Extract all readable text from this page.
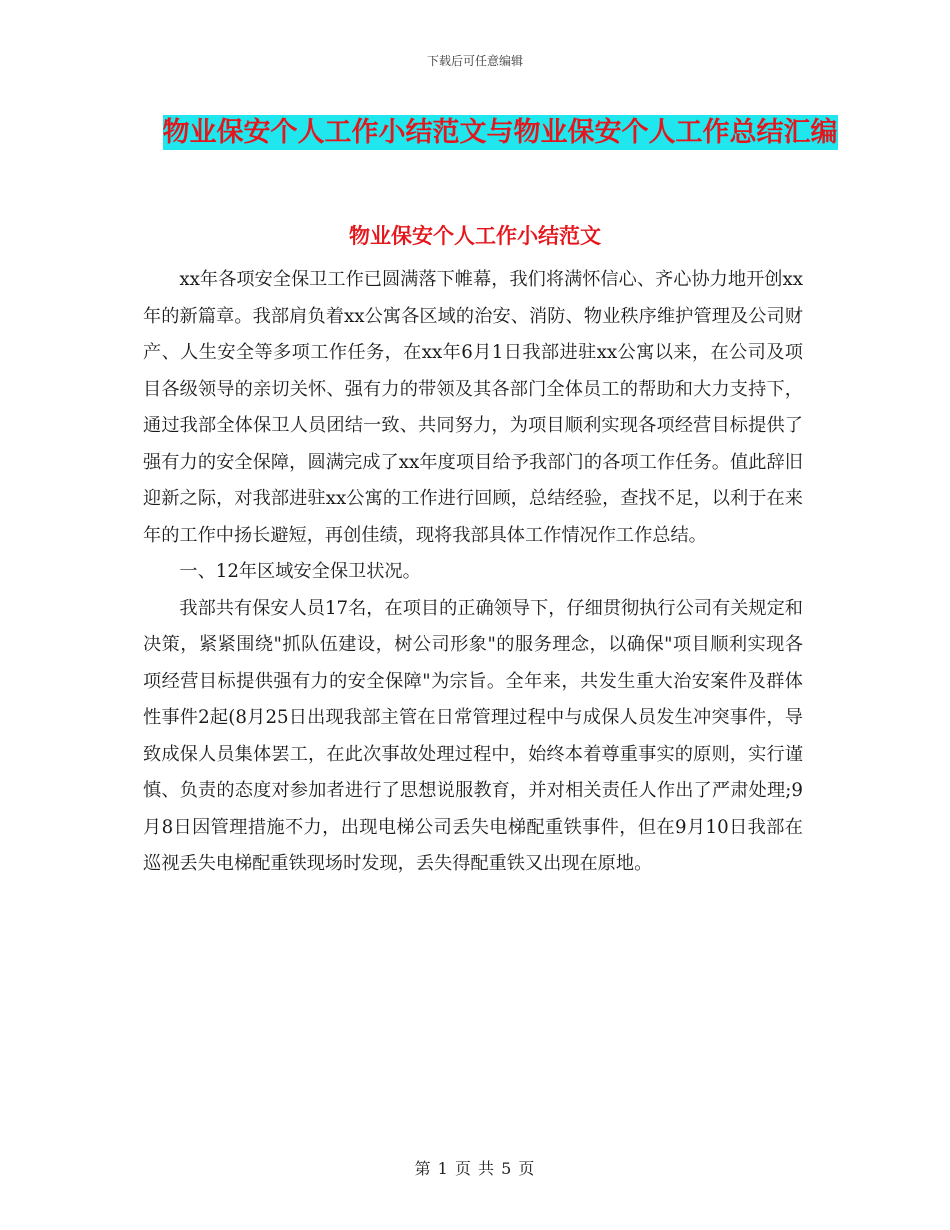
下载后可任意编辑
物业保安个人工作小结范文与物业保安个人工作总结汇编
物业保安个人工作小结范文

xx年各项安全保卫工作已圆满落下帷幕，我们将满怀信心、齐心协力地开创xx年的新篇章。我部肩负着xx公寓各区域的治安、消防、物业秩序维护管理及公司财产、人生安全等多项工作任务，在xx年6月1日我部进驻xx公寓以来，在公司及项目各级领导的亲切关怀、强有力的带领及其各部门全体员工的帮助和大力支持下，通过我部全体保卫人员团结一致、共同努力，为项目顺利实现各项经营目标提供了强有力的安全保障，圆满完成了xx年度项目给予我部门的各项工作任务。值此辞旧迎新之际，对我部进驻xx公寓的工作进行回顾，总结经验，查找不足，以利于在来年的工作中扬长避短，再创佳绩，现将我部具体工作情况作工作总结。

一、12年区域安全保卫状况。

我部共有保安人员17名，在项目的正确领导下，仔细贯彻执行公司有关规定和决策，紧紧围绕"抓队伍建设，树公司形象"的服务理念，以确保"项目顺利实现各项经营目标提供强有力的安全保障"为宗旨。全年来，共发生重大治安案件及群体性事件2起(8月25日出现我部主管在日常管理过程中与成保人员发生冲突事件，导致成保人员集体罢工，在此次事故处理过程中，始终本着尊重事实的原则，实行谨慎、负责的态度对参加者进行了思想说服教育，并对相关责任人作出了严肃处理;9月8日因管理措施不力，出现电梯公司丢失电梯配重铁事件，但在9月10日我部在巡视丢失电梯配重铁现场时发现，丢失得配重铁又出现在原地。

第 1 页 共 5 页
